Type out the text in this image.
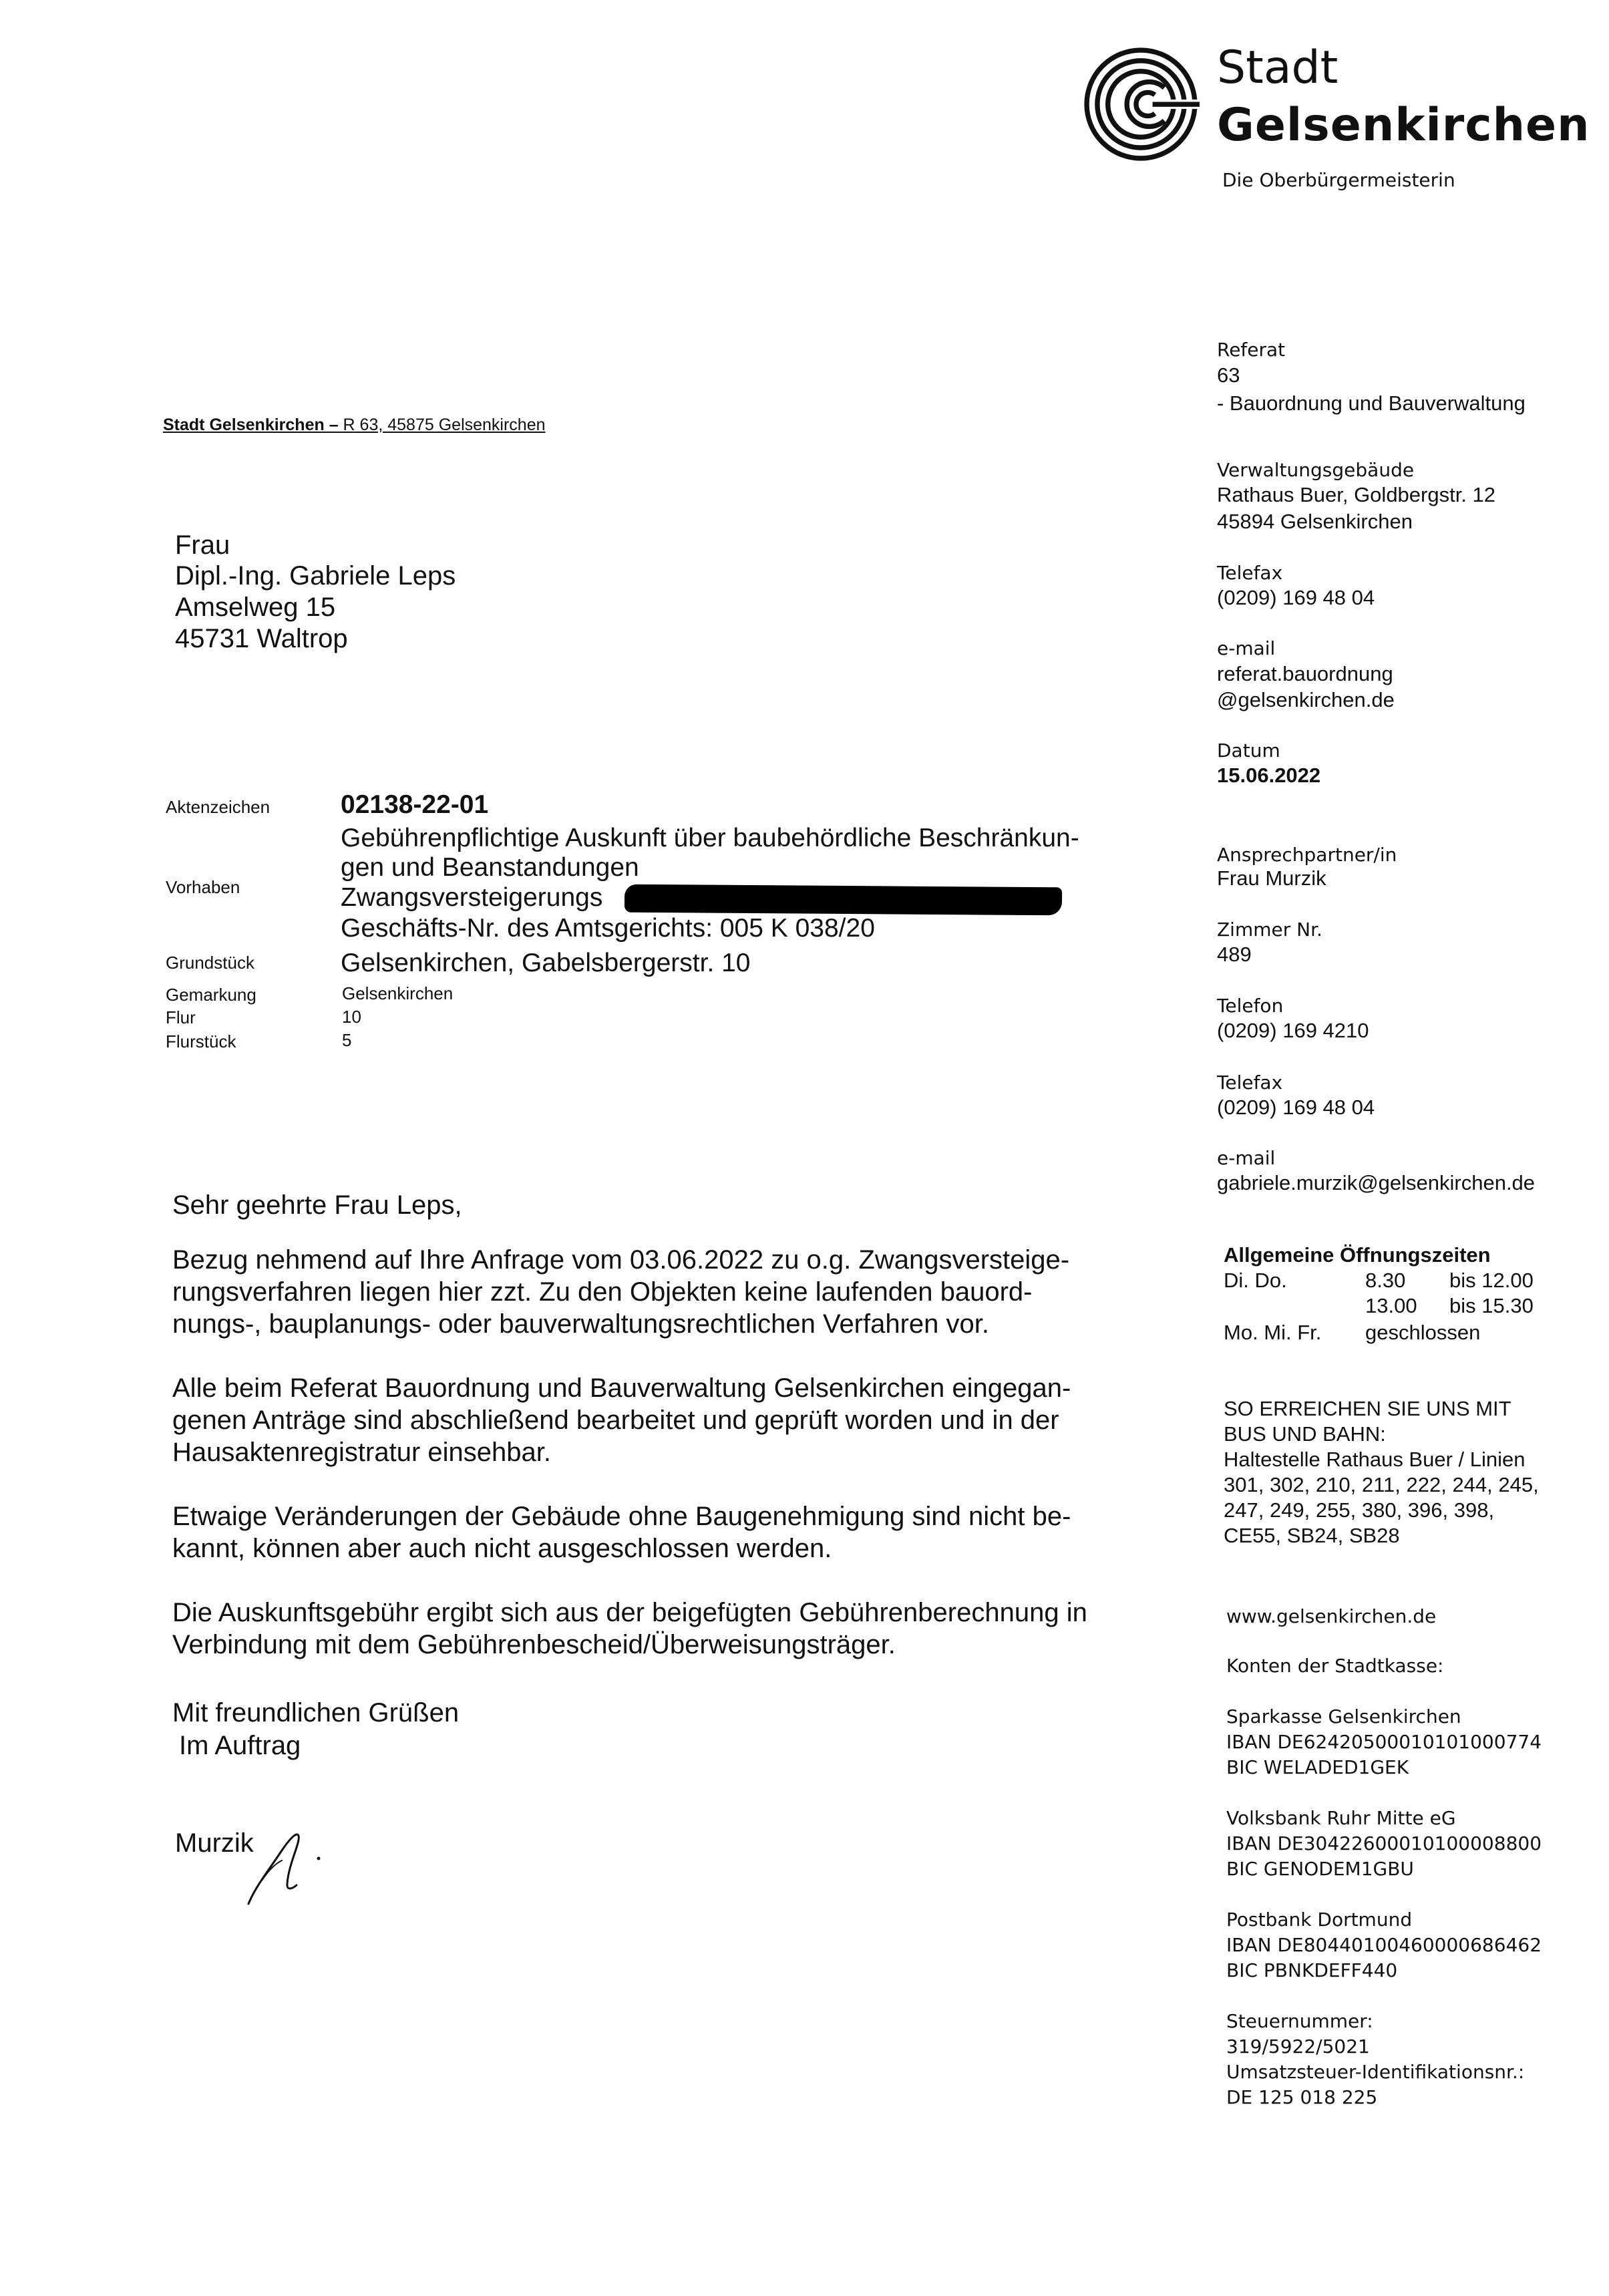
Stadt
Gelsenkirchen
Die Oberbürgermeisterin
Stadt Gelsenkirchen – R 63, 45875 Gelsenkirchen
Frau
Dipl.-Ing. Gabriele Leps
Amselweg 15
45731 Waltrop
Aktenzeichen	02138-22-01
Gebührenpflichtige Auskunft über baubehördliche Beschränkun-
gen und Beanstandungen
Vorhaben	Zwangsversteigerungs
Geschäfts-Nr. des Amtsgerichts: 005 K 038/20
Grundstück	Gelsenkirchen, Gabelsbergerstr. 10
Gemarkung	Gelsenkirchen
Flur	10
Flurstück	5
Sehr geehrte Frau Leps,
Bezug nehmend auf Ihre Anfrage vom 03.06.2022 zu o.g. Zwangsversteige-
rungsverfahren liegen hier zzt. Zu den Objekten keine laufenden bauord-
nungs-, bauplanungs- oder bauverwaltungsrechtlichen Verfahren vor.
Alle beim Referat Bauordnung und Bauverwaltung Gelsenkirchen eingegan-
genen Anträge sind abschließend bearbeitet und geprüft worden und in der
Hausaktenregistratur einsehbar.
Etwaige Veränderungen der Gebäude ohne Baugenehmigung sind nicht be-
kannt, können aber auch nicht ausgeschlossen werden.
Die Auskunftsgebühr ergibt sich aus der beigefügten Gebührenberechnung in
Verbindung mit dem Gebührenbescheid/Überweisungsträger.
Mit freundlichen Grüßen
Im Auftrag
Murzik
Referat
63
- Bauordnung und Bauverwaltung
Verwaltungsgebäude
Rathaus Buer, Goldbergstr. 12
45894 Gelsenkirchen
Telefax
(0209) 169 48 04
e-mail
referat.bauordnung
@gelsenkirchen.de
Datum
15.06.2022
Ansprechpartner/in
Frau Murzik
Zimmer Nr.
489
Telefon
(0209) 169 4210
Telefax
(0209) 169 48 04
e-mail
gabriele.murzik@gelsenkirchen.de
Allgemeine Öffnungszeiten
Di. Do.	8.30 bis 12.00
13.00 bis 15.30
Mo. Mi. Fr. geschlossen
SO ERREICHEN SIE UNS MIT
BUS UND BAHN:
Haltestelle Rathaus Buer / Linien
301, 302, 210, 211, 222, 244, 245,
247, 249, 255, 380, 396, 398,
CE55, SB24, SB28
www.gelsenkirchen.de
Konten der Stadtkasse:
Sparkasse Gelsenkirchen
IBAN DE62420500010101000774
BIC WELADED1GEK
Volksbank Ruhr Mitte eG
IBAN DE30422600010100008800
BIC GENODEM1GBU
Postbank Dortmund
IBAN DE80440100460000686462
BIC PBNKDEFF440
Steuernummer:
319/5922/5021
Umsatzsteuer-Identifikationsnr.:
DE 125 018 225
